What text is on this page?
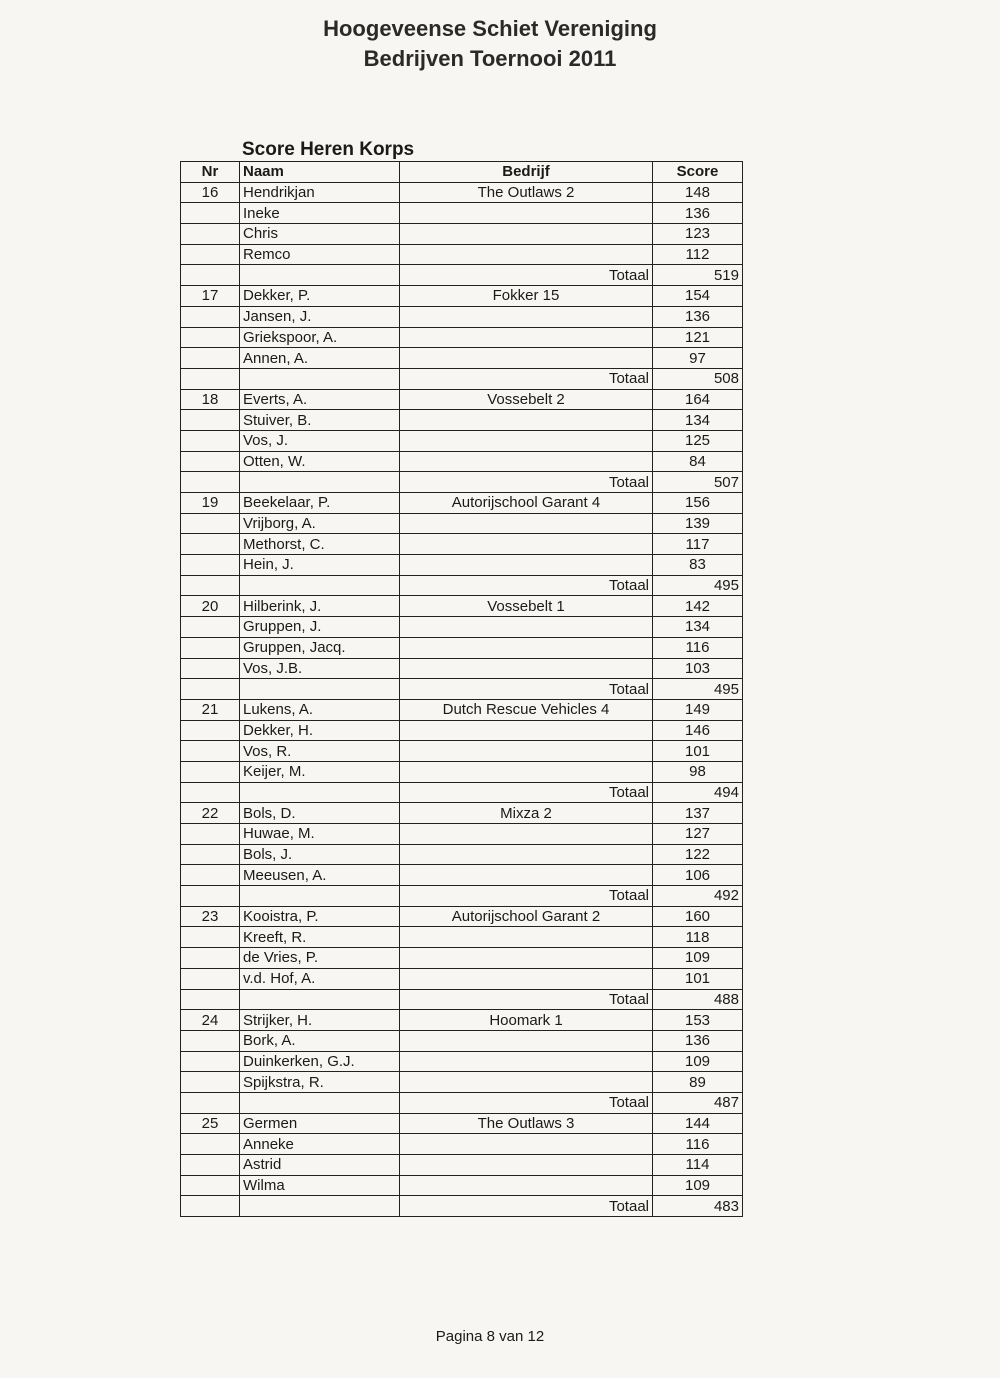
Hoogeveense Schiet Vereniging
Bedrijven Toernooi 2011
Score Heren Korps
Nr	Naam	Bedrijf	Score
16	Hendrikjan	The Outlaws 2	148
	Ineke		136
	Chris		123
	Remco		112
		Totaal	519
17	Dekker, P.	Fokker 15	154
	Jansen, J.		136
	Griekspoor, A.		121
	Annen, A.		97
		Totaal	508
18	Everts, A.	Vossebelt 2	164
	Stuiver, B.		134
	Vos, J.		125
	Otten, W.		84
		Totaal	507
19	Beekelaar, P.	Autorijschool Garant 4	156
	Vrijborg, A.		139
	Methorst, C.		117
	Hein, J.		83
		Totaal	495
20	Hilberink, J.	Vossebelt 1	142
	Gruppen, J.		134
	Gruppen, Jacq.		116
	Vos, J.B.		103
		Totaal	495
21	Lukens, A.	Dutch Rescue Vehicles 4	149
	Dekker, H.		146
	Vos, R.		101
	Keijer, M.		98
		Totaal	494
22	Bols, D.	Mixza 2	137
	Huwae, M.		127
	Bols, J.		122
	Meeusen, A.		106
		Totaal	492
23	Kooistra, P.	Autorijschool Garant 2	160
	Kreeft, R.		118
	de Vries, P.		109
	v.d. Hof, A.		101
		Totaal	488
24	Strijker, H.	Hoomark 1	153
	Bork, A.		136
	Duinkerken, G.J.		109
	Spijkstra, R.		89
		Totaal	487
25	Germen	The Outlaws 3	144
	Anneke		116
	Astrid		114
	Wilma		109
		Totaal	483
Pagina 8 van 12
